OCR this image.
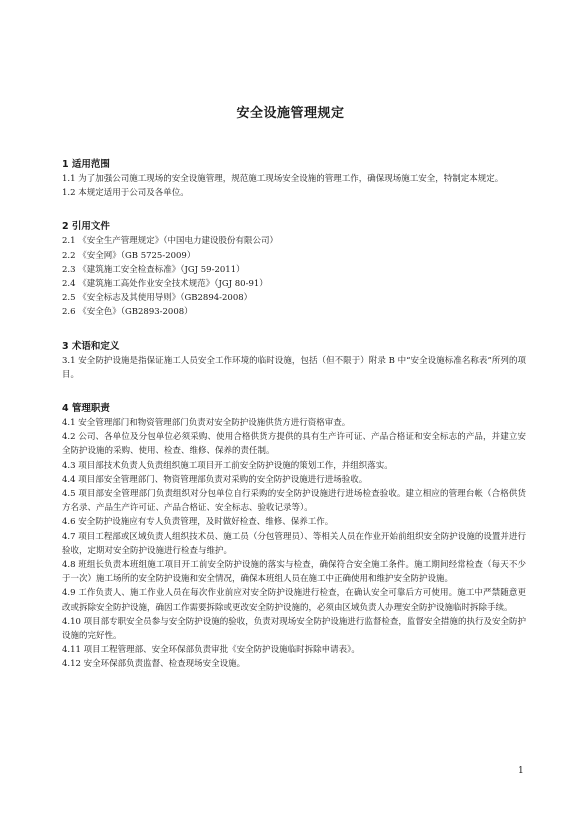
安全设施管理规定

1 适用范围

1.1 为了加强公司施工现场的安全设施管理，规范施工现场安全设施的管理工作，确保现场施工安全，特制定本规定。

1.2 本规定适用于公司及各单位。

2 引用文件

2.1 《安全生产管理规定》（中国电力建设股份有限公司）

2.2 《安全网》（GB 5725-2009）

2.3 《建筑施工安全检查标准》（JGJ 59-2011）

2.4 《建筑施工高处作业安全技术规范》（JGJ 80-91）

2.5 《安全标志及其使用导则》（GB2894-2008）

2.6 《安全色》（GB2893-2008）

3 术语和定义

3.1 安全防护设施是指保证施工人员安全工作环境的临时设施，包括（但不限于）附录 B 中“安全设施标准名称表”所列的项目。

4 管理职责

4.1 安全管理部门和物资管理部门负责对安全防护设施供货方进行资格审查。

4.2 公司、各单位及分包单位必须采购、使用合格供货方提供的具有生产许可证、产品合格证和安全标志的产品，并建立安全防护设施的采购、使用、检查、维修、保养的责任制。

4.3 项目部技术负责人负责组织施工项目开工前安全防护设施的策划工作，并组织落实。

4.4 项目部安全管理部门、物资管理部负责对采购的安全防护设施进行进场验收。

4.5 项目部安全管理部门负责组织对分包单位自行采购的安全防护设施进行进场检查验收。建立相应的管理台帐（合格供货方名录、产品生产许可证、产品合格证、安全标志、验收记录等）。

4.6 安全防护设施应有专人负责管理，及时做好检查、维修、保养工作。

4.7 项目工程部或区域负责人组织技术员、施工员（分包管理员）、等相关人员在作业开始前组织安全防护设施的设置并进行验收，定期对安全防护设施进行检查与维护。

4.8 班组长负责本班组施工项目开工前安全防护设施的落实与检查，确保符合安全施工条件。施工期间经常检查（每天不少于一次）施工场所的安全防护设施和安全情况，确保本班组人员在施工中正确使用和维护安全防护设施。

4.9 工作负责人、施工作业人员在每次作业前应对安全防护设施进行检查，在确认安全可靠后方可使用。施工中严禁随意更改或拆除安全防护设施，确因工作需要拆除或更改安全防护设施的，必须由区域负责人办理安全防护设施临时拆除手续。

4.10 项目部专职安全员参与安全防护设施的验收，负责对现场安全防护设施进行监督检查，监督安全措施的执行及安全防护设施的完好性。

4.11 项目工程管理部、安全环保部负责审批《安全防护设施临时拆除申请表》。

4.12 安全环保部负责监督、检查现场安全设施。

1
